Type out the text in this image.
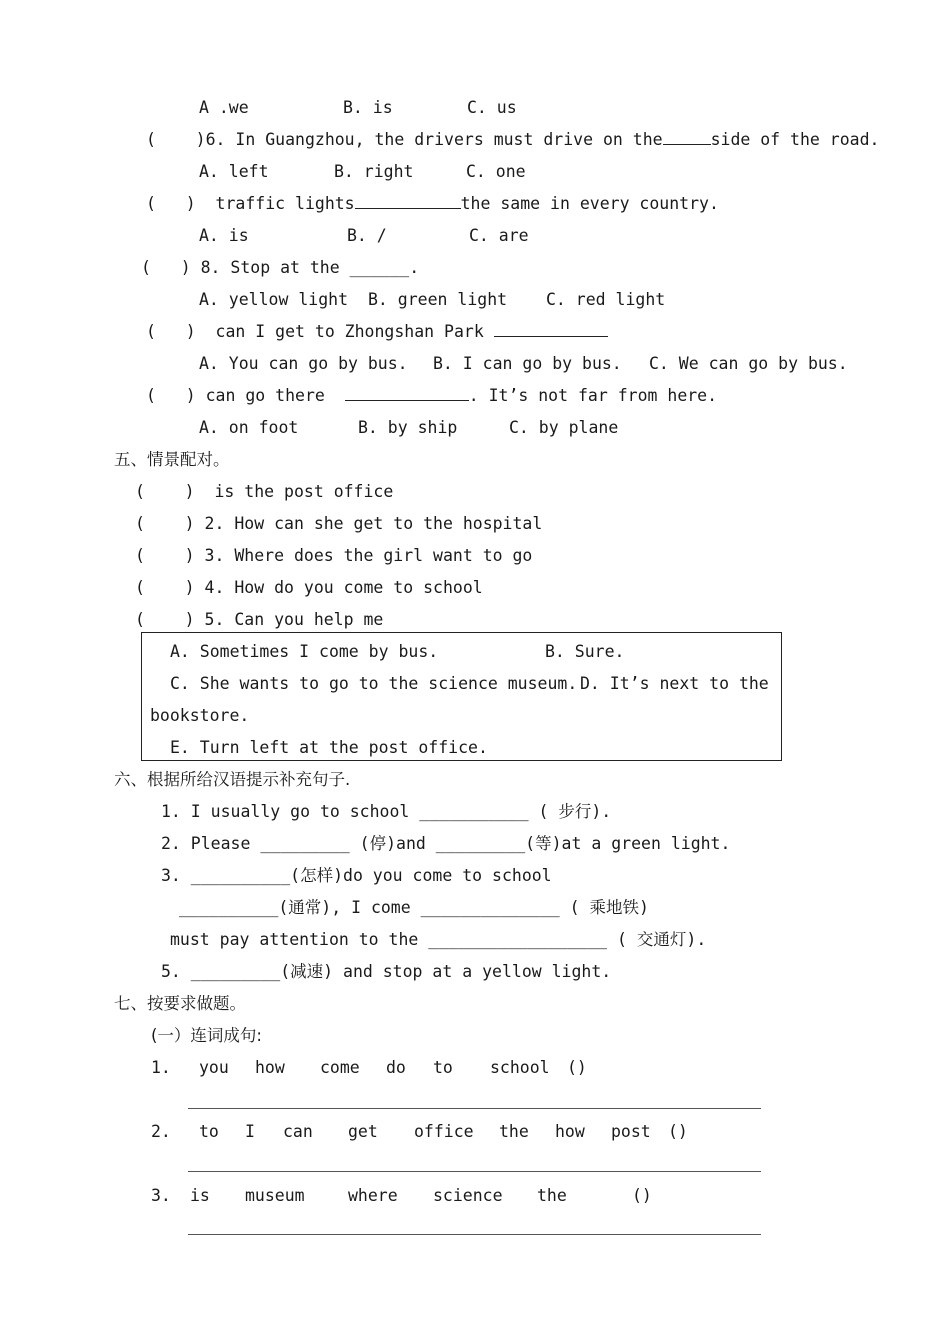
A .we	B. is	C. us
(    )6. In Guangzhou, the drivers must drive on the	side of the road.
A. left	B. right	C. one
(   ) traffic lights	the same in every country.
A. is	B. /	C. are
(   ) 8. Stop at the ______.
A. yellow light B. green light C. red light
(   ) can I get to Zhongshan Park
A. You can go by bus. B. I can go by bus. C. We can go by bus.
(   ) can go there	. It’s not far from here.
A. on foot	B. by ship	C. by plane
五、情景配对。
(    ) is the post office
(    ) 2. How can she get to the hospital
(    ) 3. Where does the girl want to go
(    ) 4. How do you come to school
(    ) 5. Can you help me
A. Sometimes I come by bus.	B. Sure.
C. She wants to go to the science museum. D. It’s next to the
bookstore.
E. Turn left at the post office.
六、根据所给汉语提示补充句子.
1. I usually go to school ___________ ( 步行).
2. Please _________ (停)and _________(等)at a green light.
3. __________(怎样)do you come to school
__________(通常), I come ______________ ( 乘地铁)
must pay attention to the __________________ ( 交通灯).
5. _________(减速) and stop at a yellow light.
七、按要求做题。
(一）连词成句:
1. you how come do to school ()
2. to I can get office the how post ()
3. is museum	where science the	()
